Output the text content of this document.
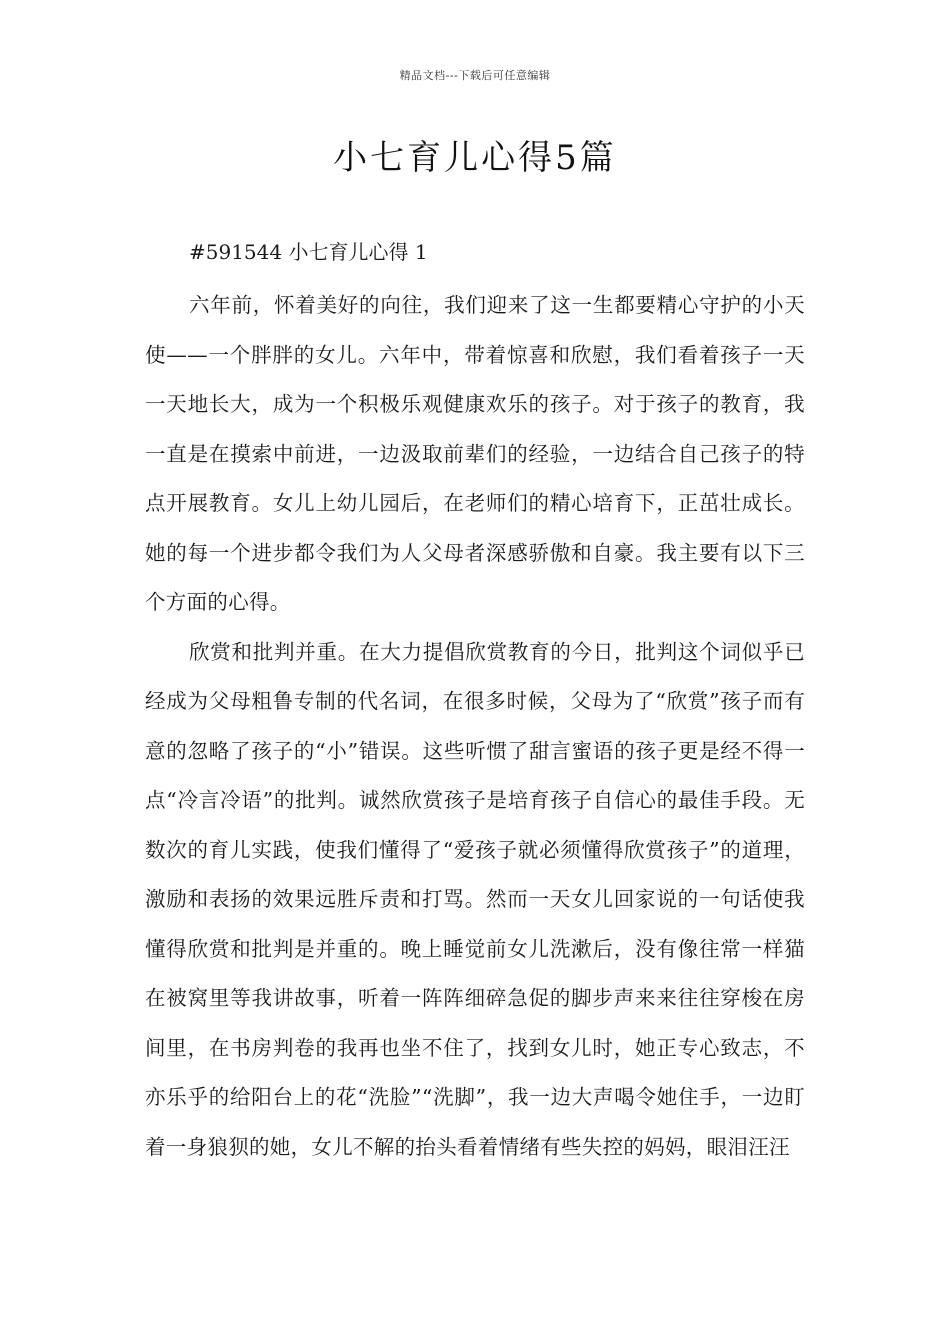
精品文档---下载后可任意编辑
小七育儿心得5篇

#591544 小七育儿心得 1

六年前，怀着美好的向往，我们迎来了这一生都要精心守护的小天使——一个胖胖的女儿。六年中，带着惊喜和欣慰，我们看着孩子一天一天地长大，成为一个积极乐观健康欢乐的孩子。对于孩子的教育，我一直是在摸索中前进，一边汲取前辈们的经验，一边结合自己孩子的特点开展教育。女儿上幼儿园后，在老师们的精心培育下，正茁壮成长。她的每一个进步都令我们为人父母者深感骄傲和自豪。我主要有以下三个方面的心得。

欣赏和批判并重。在大力提倡欣赏教育的今日，批判这个词似乎已经成为父母粗鲁专制的代名词，在很多时候，父母为了“欣赏”孩子而有意的忽略了孩子的“小”错误。这些听惯了甜言蜜语的孩子更是经不得一点“冷言冷语”的批判。诚然欣赏孩子是培育孩子自信心的最佳手段。无数次的育儿实践，使我们懂得了“爱孩子就必须懂得欣赏孩子”的道理，激励和表扬的效果远胜斥责和打骂。然而一天女儿回家说的一句话使我懂得欣赏和批判是并重的。晚上睡觉前女儿洗漱后，没有像往常一样猫在被窝里等我讲故事，听着一阵阵细碎急促的脚步声来来往往穿梭在房间里，在书房判卷的我再也坐不住了，找到女儿时，她正专心致志，不亦乐乎的给阳台上的花“洗脸”“洗脚”，我一边大声喝令她住手，一边盯着一身狼狈的她，女儿不解的抬头看着情绪有些失控的妈妈，眼泪汪汪
